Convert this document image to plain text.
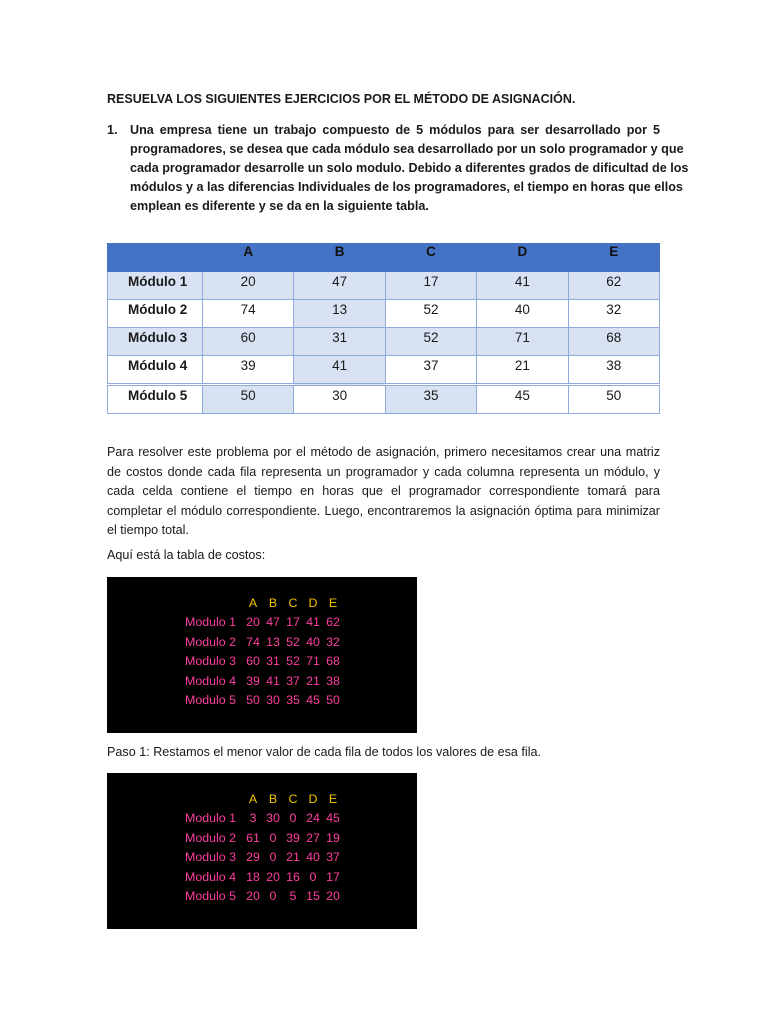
RESUELVA LOS SIGUIENTES EJERCICIOS POR EL MÉTODO DE ASIGNACIÓN.
1. Una empresa tiene un trabajo compuesto de 5 módulos para ser desarrollado por 5
programadores, se desea que cada módulo sea desarrollado por un solo programador y que
cada programador desarrolle un solo modulo. Debido a diferentes grados de dificultad de los
módulos y a las diferencias Individuales de los programadores, el tiempo en horas que ellos
emplean es diferente y se da en la siguiente tabla.
	A	B	C	D	E

Módulo 1	20	47	17	41	62

Módulo 2	74	13	52	40	32

Módulo 3	60	31	52	71	68

Módulo 4	39	41	37	21	38

Módulo 5	50	30	35	45	50
Para resolver este problema por el método de asignación, primero necesitamos crear una matriz
de costos donde cada fila representa un programador y cada columna representa un módulo, y
cada celda contiene el tiempo en horas que el programador correspondiente tomará para
completar el módulo correspondiente. Luego, encontraremos la asignación óptima para minimizar
el tiempo total.
Aquí está la tabla de costos:
A B C D E
Modulo 1 20 47 17 41 62
Modulo 2 74 13 52 40 32
Modulo 3 60 31 52 71 68
Modulo 4 39 41 37 21 38
Modulo 5 50 30 35 45 50
Paso 1: Restamos el menor valor de cada fila de todos los valores de esa fila.
A B C D E
Modulo 1	3 30 0 24 45
Modulo 2 61 0 39 27 19
Modulo 3 29 0 21 40 37
Modulo 4 18 20 16 0 17
Modulo 5 20 0	5 15 20
